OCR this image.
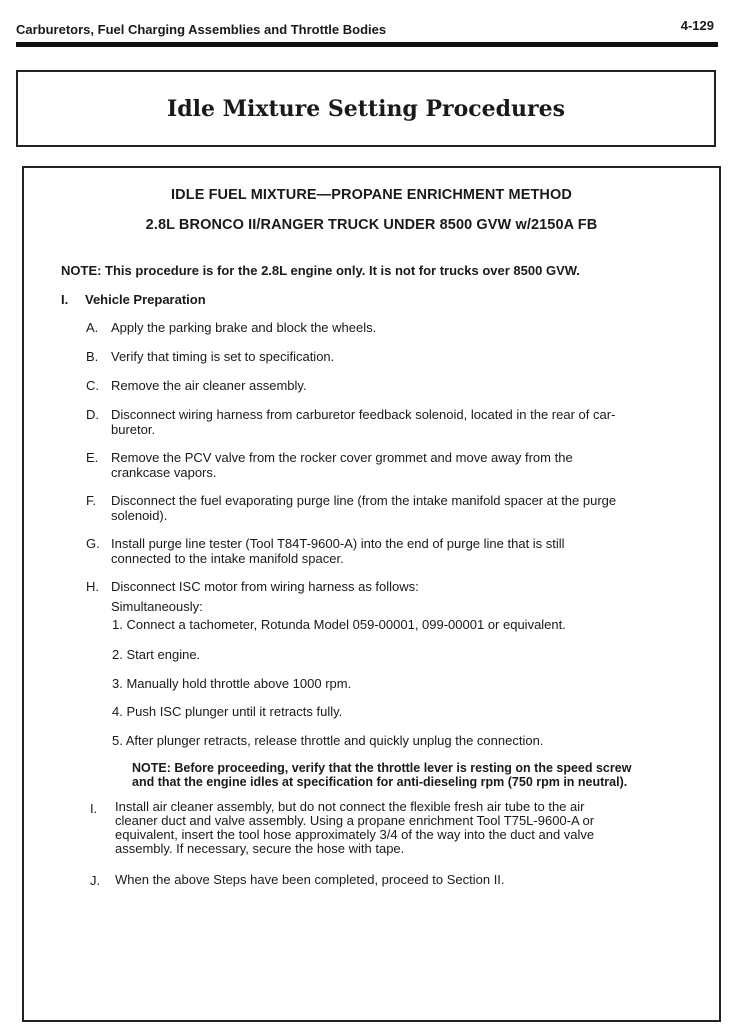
Carburetors, Fuel Charging Assemblies and Throttle Bodies	4-129
Idle Mixture Setting Procedures
IDLE FUEL MIXTURE—PROPANE ENRICHMENT METHOD
2.8L BRONCO II/RANGER TRUCK UNDER 8500 GVW w/2150A FB
NOTE: This procedure is for the 2.8L engine only. It is not for trucks over 8500 GVW.
I. Vehicle Preparation
A. Apply the parking brake and block the wheels.
B. Verify that timing is set to specification.
C. Remove the air cleaner assembly.
D. Disconnect wiring harness from carburetor feedback solenoid, located in the rear of car-
buretor.
E. Remove the PCV valve from the rocker cover grommet and move away from the
crankcase vapors.
F. Disconnect the fuel evaporating purge line (from the intake manifold spacer at the purge
solenoid).
G. Install purge line tester (Tool T84T-9600-A) into the end of purge line that is still
connected to the intake manifold spacer.
H. Disconnect ISC motor from wiring harness as follows:
Simultaneously:
1. Connect a tachometer, Rotunda Model 059-00001, 099-00001 or equivalent.
2. Start engine.
3. Manually hold throttle above 1000 rpm.
4. Push ISC plunger until it retracts fully.
5. After plunger retracts, release throttle and quickly unplug the connection.
NOTE: Before proceeding, verify that the throttle lever is resting on the speed screw
and that the engine idles at specification for anti-dieseling rpm (750 rpm in neutral).
I. Install air cleaner assembly, but do not connect the flexible fresh air tube to the air
cleaner duct and valve assembly. Using a propane enrichment Tool T75L-9600-A or
equivalent, insert the tool hose approximately 3/4 of the way into the duct and valve
assembly. If necessary, secure the hose with tape.
J. When the above Steps have been completed, proceed to Section II.
